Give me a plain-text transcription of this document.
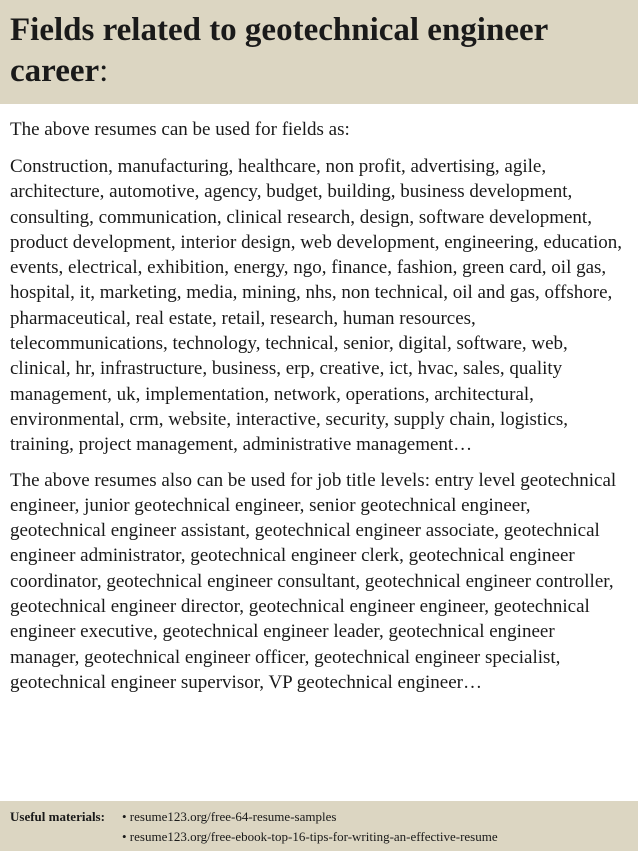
Fields related to geotechnical engineer career:

The above resumes can be used for fields as:

Construction, manufacturing, healthcare, non profit, advertising, agile, architecture, automotive, agency, budget, building, business development, consulting, communication, clinical research, design, software development, product development, interior design, web development, engineering, education, events, electrical, exhibition, energy, ngo, finance, fashion, green card, oil gas, hospital, it, marketing, media, mining, nhs, non technical, oil and gas, offshore, pharmaceutical, real estate, retail, research, human resources, telecommunications, technology, technical, senior, digital, software, web, clinical, hr, infrastructure, business, erp, creative, ict, hvac, sales, quality management, uk, implementation, network, operations, architectural, environmental, crm, website, interactive, security, supply chain, logistics, training, project management, administrative management…

The above resumes also can be used for job title levels: entry level geotechnical engineer, junior geotechnical engineer, senior geotechnical engineer, geotechnical engineer assistant, geotechnical engineer associate, geotechnical engineer administrator, geotechnical engineer clerk, geotechnical engineer coordinator, geotechnical engineer consultant, geotechnical engineer controller, geotechnical engineer director, geotechnical engineer engineer, geotechnical engineer executive, geotechnical engineer leader, geotechnical engineer manager, geotechnical engineer officer, geotechnical engineer specialist, geotechnical engineer supervisor, VP geotechnical engineer…

Useful materials:	• resume123.org/free-64-resume-samples
• resume123.org/free-ebook-top-16-tips-for-writing-an-effective-resume
